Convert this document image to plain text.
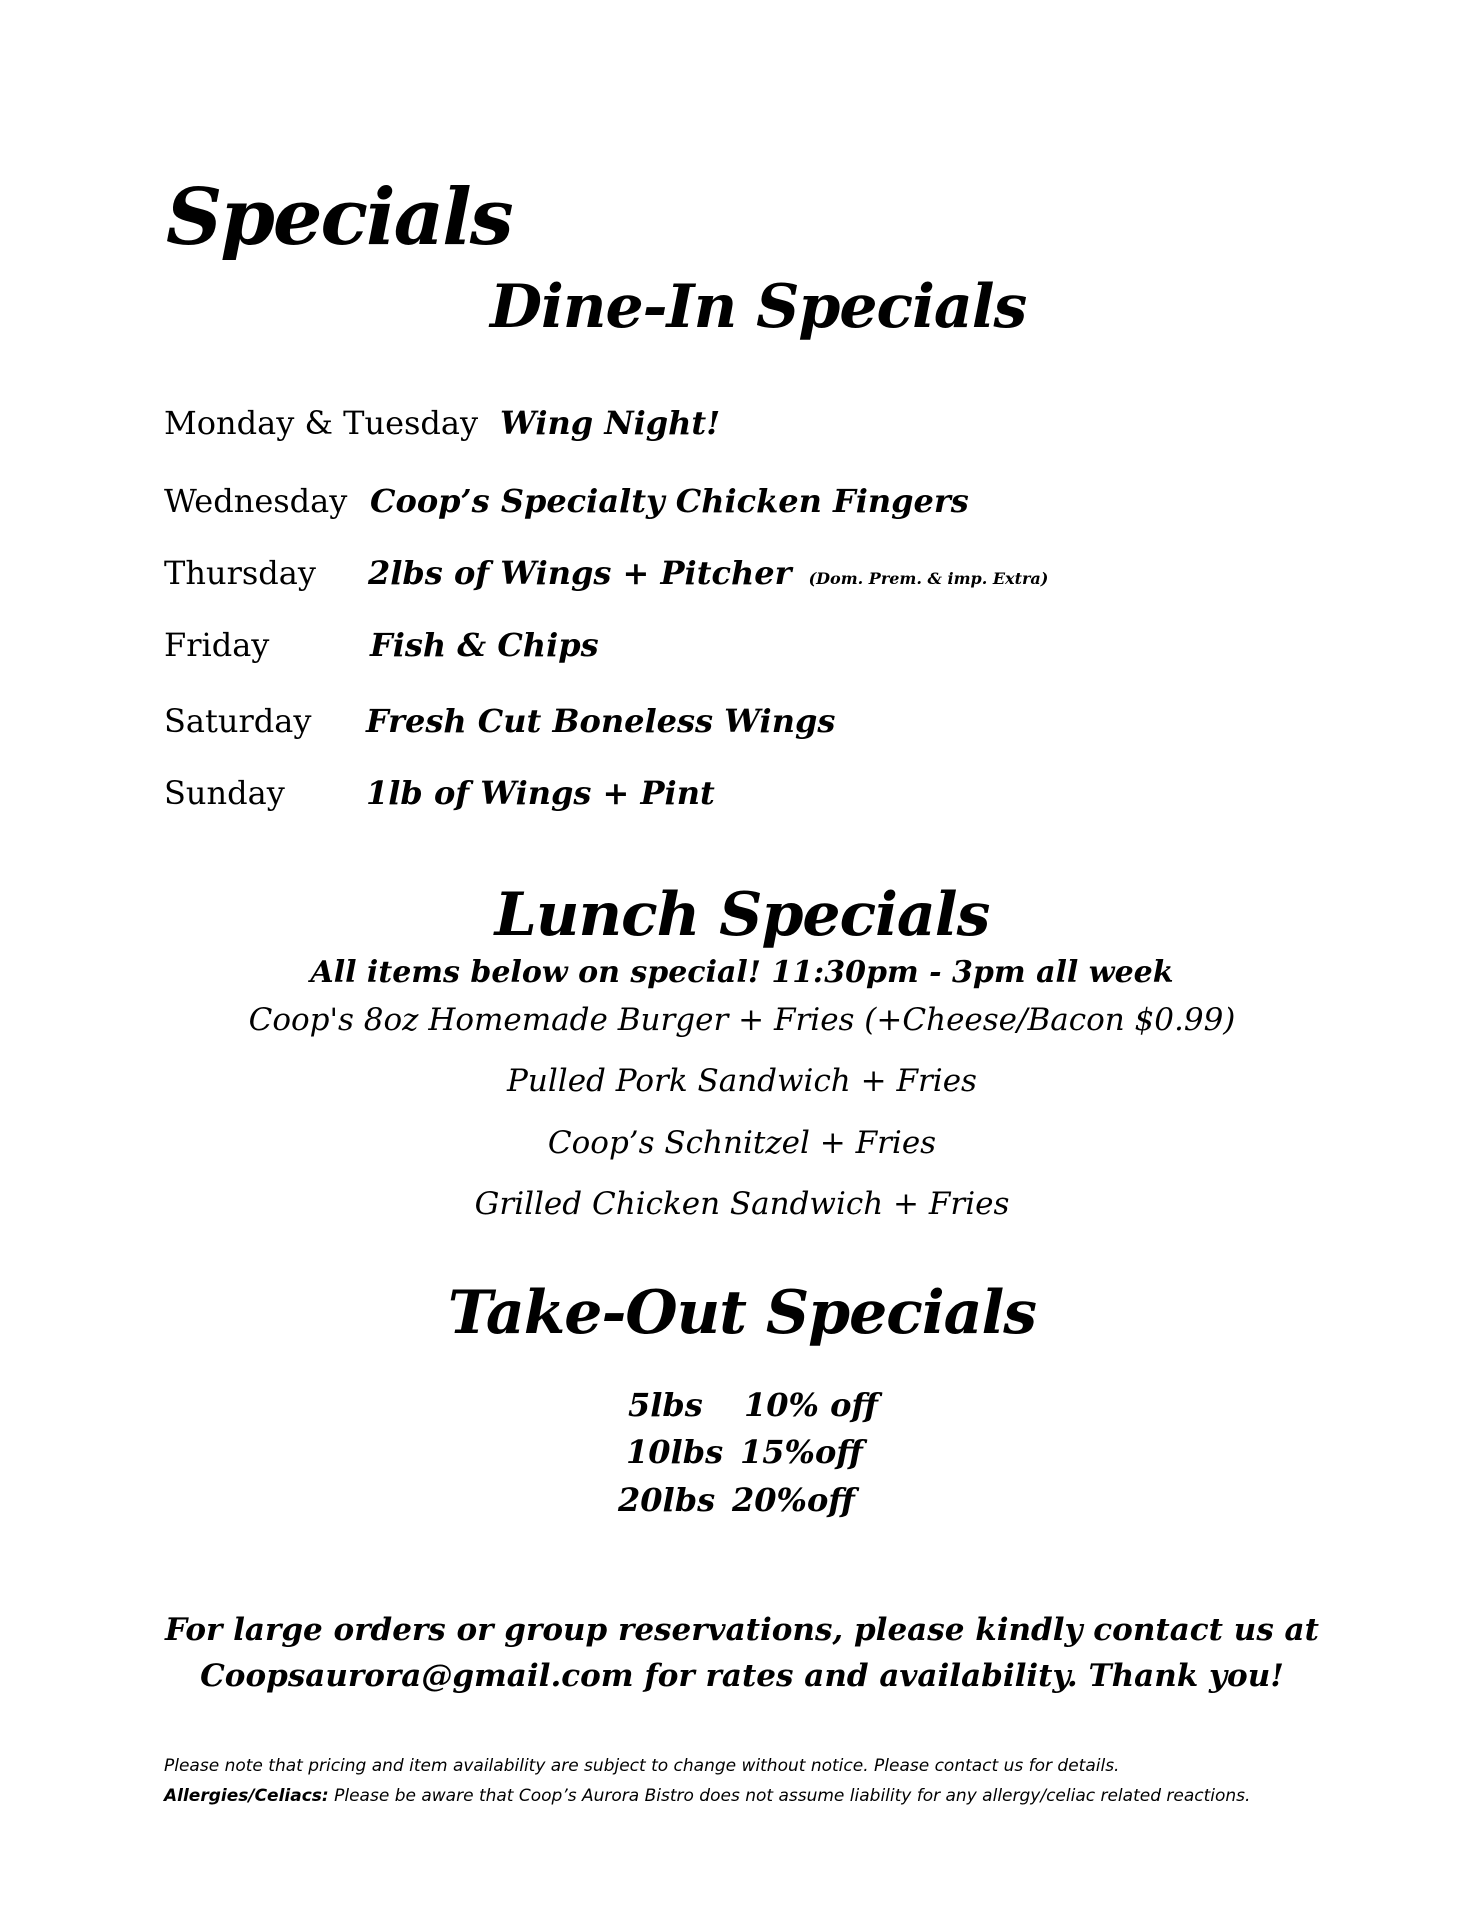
Specials
Dine-In Specials
Monday & Tuesday Wing Night!
Wednesday Coop’s Specialty Chicken Fingers
Thursday 2lbs of Wings + Pitcher (Dom. Prem. & imp. Extra)
Friday	Fish & Chips
Saturday Fresh Cut Boneless Wings
Sunday	1lb of Wings + Pint
Lunch Specials
All items below on special! 11:30pm - 3pm all week
Coop's 8oz Homemade Burger + Fries (+Cheese/Bacon $0.99)
Pulled Pork Sandwich + Fries
Coop’s Schnitzel + Fries
Grilled Chicken Sandwich + Fries
Take-Out Specials
5lbs 10% off
10lbs 15%off
20lbs 20%off
For large orders or group reservations, please kindly contact us at
Coopsaurora@gmail.com for rates and availability. Thank you!
Please note that pricing and item availability are subject to change without notice. Please contact us for details.
Allergies/Celiacs: Please be aware that Coop’s Aurora Bistro does not assume liability for any allergy/celiac related reactions.
